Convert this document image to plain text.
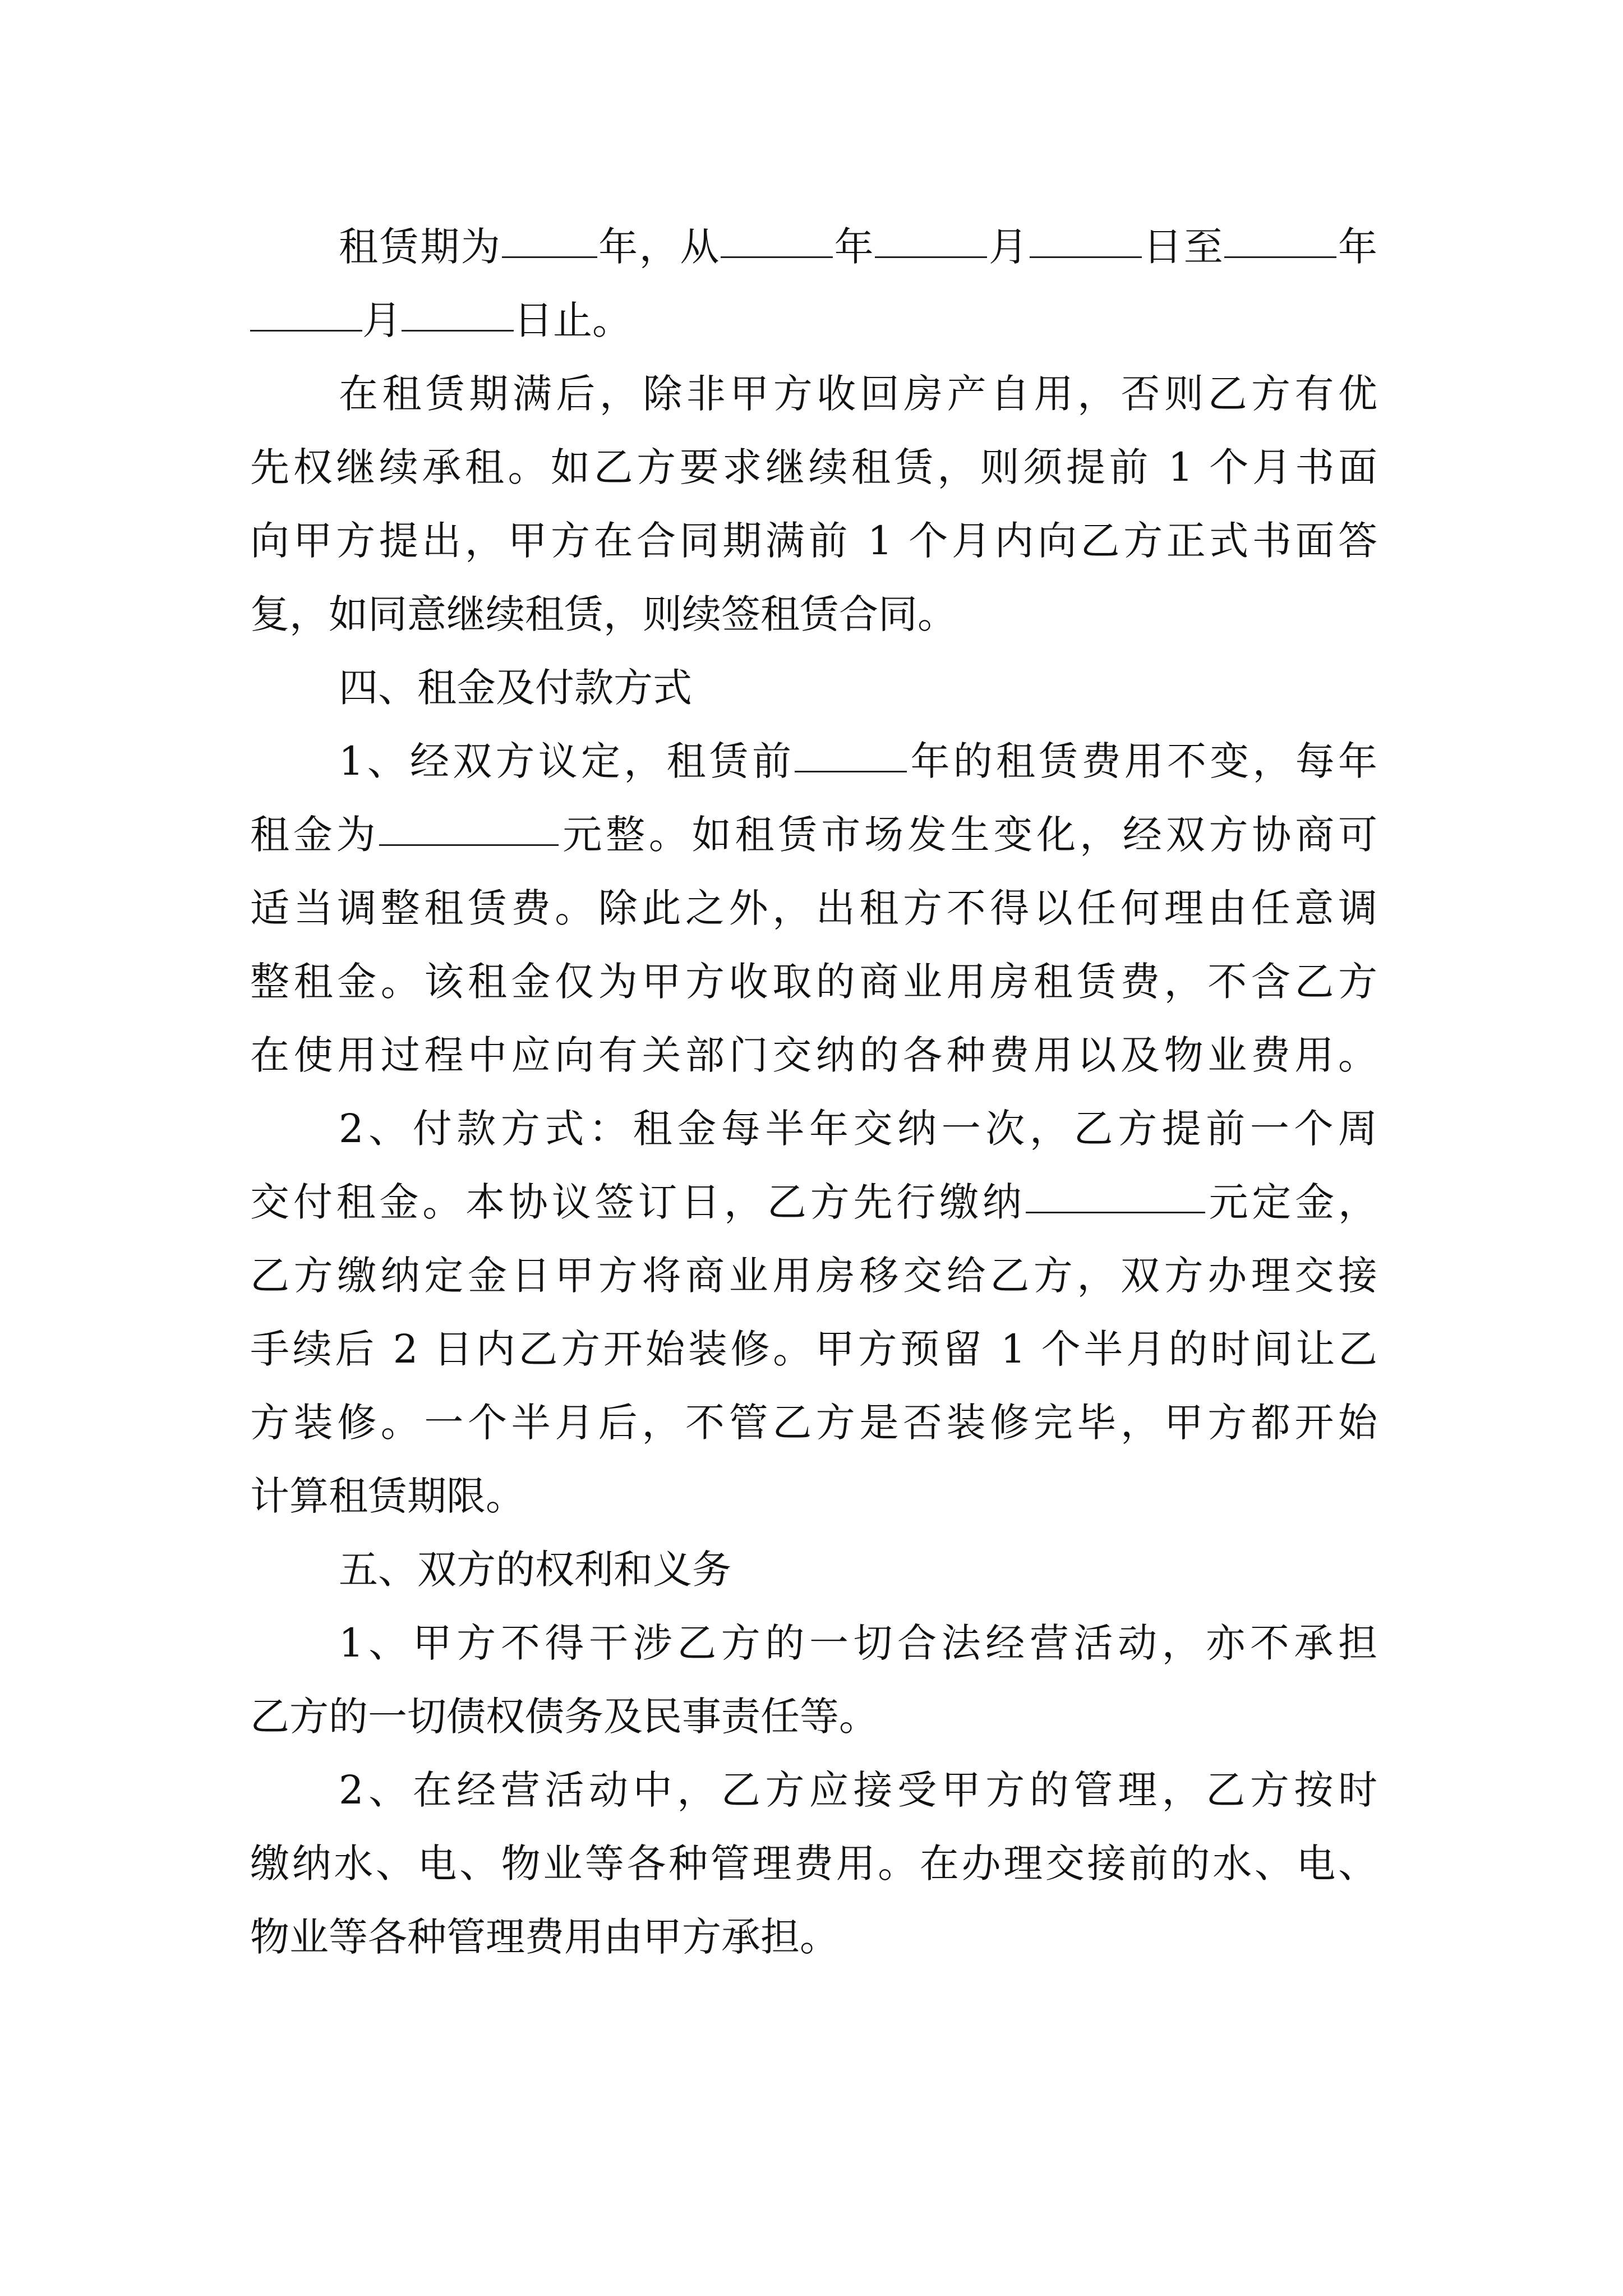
租赁期为 年，从	年	月	日至	年
月	日止。
在租赁期满后，除非甲方收回房产自用，否则乙方有优
先权继续承租。如乙方要求继续租赁，则须提前 1 个月书面
向甲方提出，甲方在合同期满前 1 个月内向乙方正式书面答
复，如同意继续租赁，则续签租赁合同。
四、租金及付款方式
1、经双方议定，租赁前	年的租赁费用不变，每年
租金为	元整。如租赁市场发生变化，经双方协商可
适当调整租赁费。除此之外，出租方不得以任何理由任意调
整租金。该租金仅为甲方收取的商业用房租赁费，不含乙方
在使用过程中应向有关部门交纳的各种费用以及物业费用。
2、付款方式：租金每半年交纳一次，乙方提前一个周
交付租金。本协议签订日，乙方先行缴纳	元定金，
乙方缴纳定金日甲方将商业用房移交给乙方，双方办理交接
手续后 2 日内乙方开始装修。甲方预留 1 个半月的时间让乙
方装修。一个半月后，不管乙方是否装修完毕，甲方都开始
计算租赁期限。
五、双方的权利和义务
1、甲方不得干涉乙方的一切合法经营活动，亦不承担
乙方的一切债权债务及民事责任等。
2、在经营活动中，乙方应接受甲方的管理，乙方按时
缴纳水、电、物业等各种管理费用。在办理交接前的水、电、
物业等各种管理费用由甲方承担。
